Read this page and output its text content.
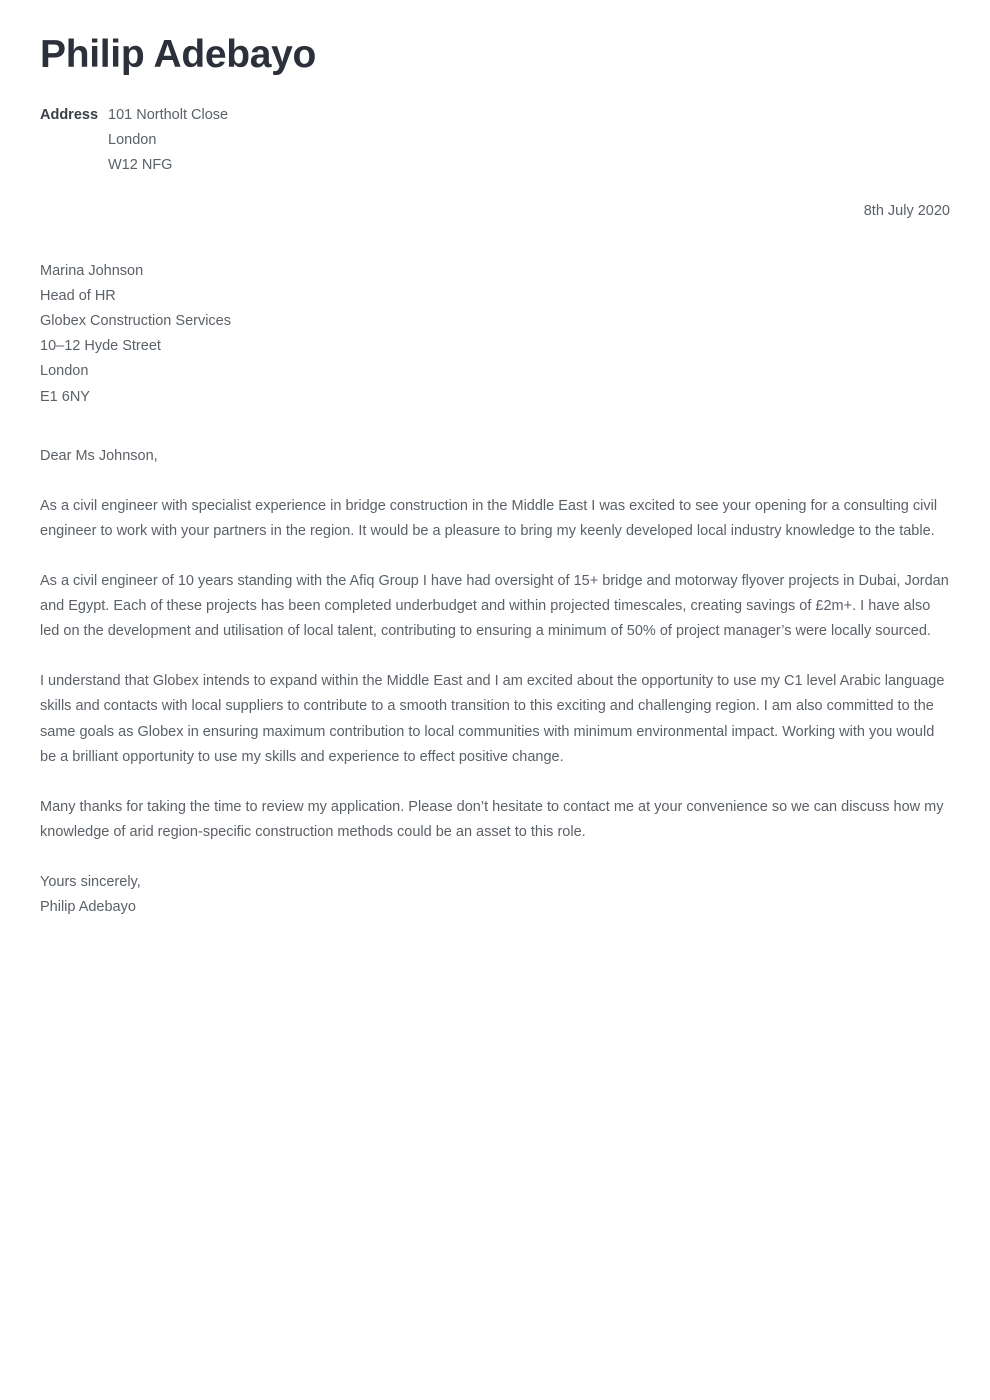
Philip Adebayo
Address 101 Northolt Close
London
W12 NFG
8th July 2020
Marina Johnson
Head of HR
Globex Construction Services
10–12 Hyde Street
London
E1 6NY
Dear Ms Johnson,

As a civil engineer with specialist experience in bridge construction in the Middle East I was excited to see your opening for a consulting civil engineer to work with your partners in the region. It would be a pleasure to bring my keenly developed local industry knowledge to the table.

As a civil engineer of 10 years standing with the Afiq Group I have had oversight of 15+ bridge and motorway flyover projects in Dubai, Jordan and Egypt. Each of these projects has been completed underbudget and within projected timescales, creating savings of £2m+. I have also led on the development and utilisation of local talent, contributing to ensuring a minimum of 50% of project manager’s were locally sourced.

I understand that Globex intends to expand within the Middle East and I am excited about the opportunity to use my C1 level Arabic language skills and contacts with local suppliers to contribute to a smooth transition to this exciting and challenging region. I am also committed to the same goals as Globex in ensuring maximum contribution to local communities with minimum environmental impact. Working with you would be a brilliant opportunity to use my skills and experience to effect positive change.

Many thanks for taking the time to review my application. Please don’t hesitate to contact me at your convenience so we can discuss how my knowledge of arid region-specific construction methods could be an asset to this role.

Yours sincerely,
Philip Adebayo
